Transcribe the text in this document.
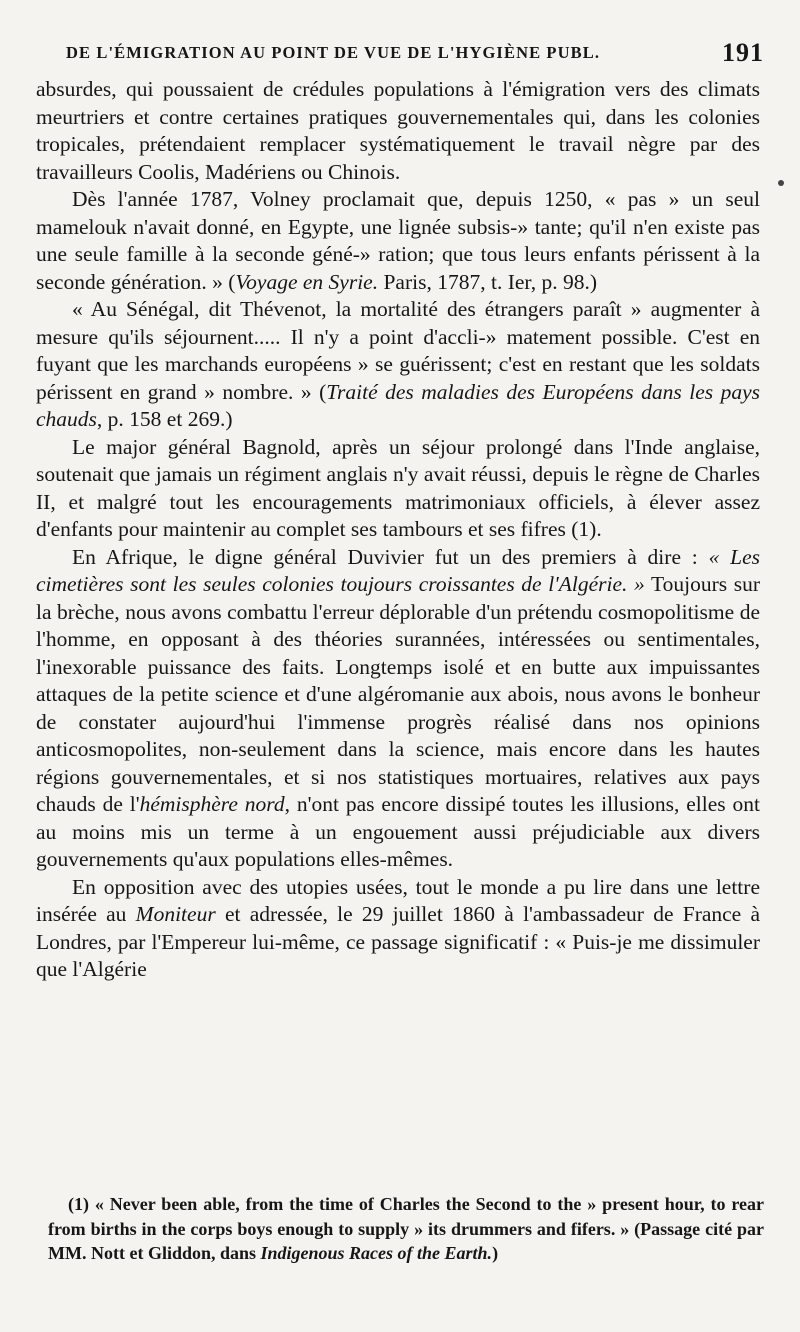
DE L'ÉMIGRATION AU POINT DE VUE DE L'HYGIÈNE PUBL.	191

absurdes, qui poussaient de crédules populations à l'émigration vers des climats meurtriers et contre certaines pratiques gouvernementales qui, dans les colonies tropicales, prétendaient remplacer systématiquement le travail nègre par des travailleurs Coolis, Madériens ou Chinois.

Dès l'année 1787, Volney proclamait que, depuis 1250, « pas » un seul mamelouk n'avait donné, en Egypte, une lignée subsis-» tante; qu'il n'en existe pas une seule famille à la seconde géné-» ration; que tous leurs enfants périssent à la seconde génération. » (Voyage en Syrie. Paris, 1787, t. Ier, p. 98.)

« Au Sénégal, dit Thévenot, la mortalité des étrangers paraît » augmenter à mesure qu'ils séjournent..... Il n'y a point d'accli-» matement possible. C'est en fuyant que les marchands européens » se guérissent; c'est en restant que les soldats périssent en grand » nombre. » (Traité des maladies des Européens dans les pays chauds, p. 158 et 269.)

Le major général Bagnold, après un séjour prolongé dans l'Inde anglaise, soutenait que jamais un régiment anglais n'y avait réussi, depuis le règne de Charles II, et malgré tout les encouragements matrimoniaux officiels, à élever assez d'enfants pour maintenir au complet ses tambours et ses fifres (1).

En Afrique, le digne général Duvivier fut un des premiers à dire : « Les cimetières sont les seules colonies toujours croissantes de l'Algérie. » Toujours sur la brèche, nous avons combattu l'erreur déplorable d'un prétendu cosmopolitisme de l'homme, en opposant à des théories surannées, intéressées ou sentimentales, l'inexorable puissance des faits. Longtemps isolé et en butte aux impuissantes attaques de la petite science et d'une algéromanie aux abois, nous avons le bonheur de constater aujourd'hui l'immense progrès réalisé dans nos opinions anticosmopolites, non-seulement dans la science, mais encore dans les hautes régions gouvernementales, et si nos statistiques mortuaires, relatives aux pays chauds de l'hémisphère nord, n'ont pas encore dissipé toutes les illusions, elles ont au moins mis un terme à un engouement aussi préjudiciable aux divers gouvernements qu'aux populations elles-mêmes.

En opposition avec des utopies usées, tout le monde a pu lire dans une lettre insérée au Moniteur et adressée, le 29 juillet 1860 à l'ambassadeur de France à Londres, par l'Empereur lui-même, ce passage significatif : « Puis-je me dissimuler que l'Algérie

(1) « Never been able, from the time of Charles the Second to the » present hour, to rear from births in the corps boys enough to supply » its drummers and fifers. » (Passage cité par MM. Nott et Gliddon, dans Indigenous Races of the Earth.)
